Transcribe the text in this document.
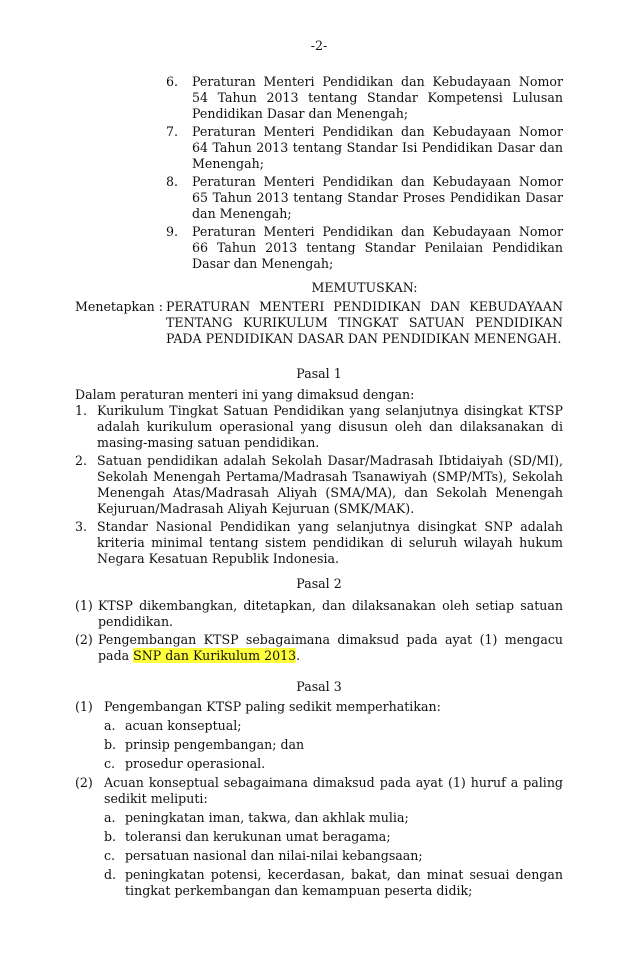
-2-
6.	Peraturan Menteri Pendidikan dan Kebudayaan Nomor 54 Tahun 2013 tentang Standar Kompetensi Lulusan Pendidikan Dasar dan Menengah;
7.	Peraturan Menteri Pendidikan dan Kebudayaan Nomor 64 Tahun 2013 tentang Standar Isi Pendidikan Dasar dan Menengah;
8.	Peraturan Menteri Pendidikan dan Kebudayaan Nomor 65 Tahun 2013 tentang Standar Proses Pendidikan Dasar dan Menengah;
9.	Peraturan Menteri Pendidikan dan Kebudayaan Nomor 66 Tahun 2013 tentang Standar Penilaian Pendidikan Dasar dan Menengah;
MEMUTUSKAN:
Menetapkan : PERATURAN MENTERI PENDIDIKAN DAN KEBUDAYAAN TENTANG KURIKULUM TINGKAT SATUAN PENDIDIKAN PADA PENDIDIKAN DASAR DAN PENDIDIKAN MENENGAH.
Pasal 1
Dalam peraturan menteri ini yang dimaksud dengan:
1. Kurikulum Tingkat Satuan Pendidikan yang selanjutnya disingkat KTSP adalah kurikulum operasional yang disusun oleh dan dilaksanakan di masing-masing satuan pendidikan.
2. Satuan pendidikan adalah Sekolah Dasar/Madrasah Ibtidaiyah (SD/MI), Sekolah Menengah Pertama/Madrasah Tsanawiyah (SMP/MTs), Sekolah Menengah Atas/Madrasah Aliyah (SMA/MA), dan Sekolah Menengah Kejuruan/Madrasah Aliyah Kejuruan (SMK/MAK).
3. Standar Nasional Pendidikan yang selanjutnya disingkat SNP adalah kriteria minimal tentang sistem pendidikan di seluruh wilayah hukum Negara Kesatuan Republik Indonesia.
Pasal 2
(1) KTSP dikembangkan, ditetapkan, dan dilaksanakan oleh setiap satuan pendidikan.
(2) Pengembangan KTSP sebagaimana dimaksud pada ayat (1) mengacu pada SNP dan Kurikulum 2013.
Pasal 3
(1) Pengembangan KTSP paling sedikit memperhatikan:
a. acuan konseptual;
b. prinsip pengembangan; dan
c. prosedur operasional.
(2) Acuan konseptual sebagaimana dimaksud pada ayat (1) huruf a paling sedikit meliputi:
a. peningkatan iman, takwa, dan akhlak mulia;
b. toleransi dan kerukunan umat beragama;
c. persatuan nasional dan nilai-nilai kebangsaan;
d. peningkatan potensi, kecerdasan, bakat, dan minat sesuai dengan tingkat perkembangan dan kemampuan peserta didik;
